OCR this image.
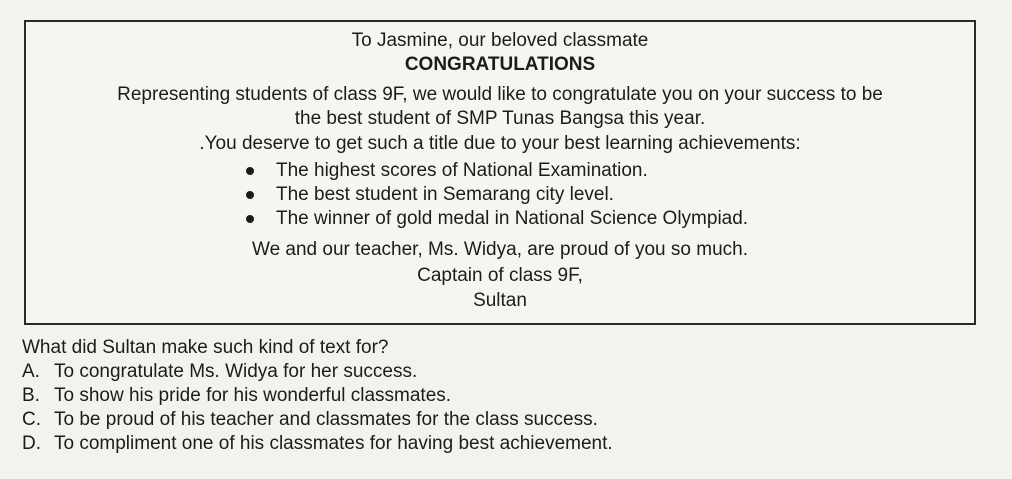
To Jasmine, our beloved classmate
CONGRATULATIONS
Representing students of class 9F, we would like to congratulate you on your success to be
the best student of SMP Tunas Bangsa this year.
.You deserve to get such a title due to your best learning achievements:
The highest scores of National Examination.
The best student in Semarang city level.
The winner of gold medal in National Science Olympiad.
We and our teacher, Ms. Widya, are proud of you so much.
Captain of class 9F,
Sultan
What did Sultan make such kind of text for?
A. To congratulate Ms. Widya for her success.
B. To show his pride for his wonderful classmates.
C. To be proud of his teacher and classmates for the class success.
D. To compliment one of his classmates for having best achievement.
